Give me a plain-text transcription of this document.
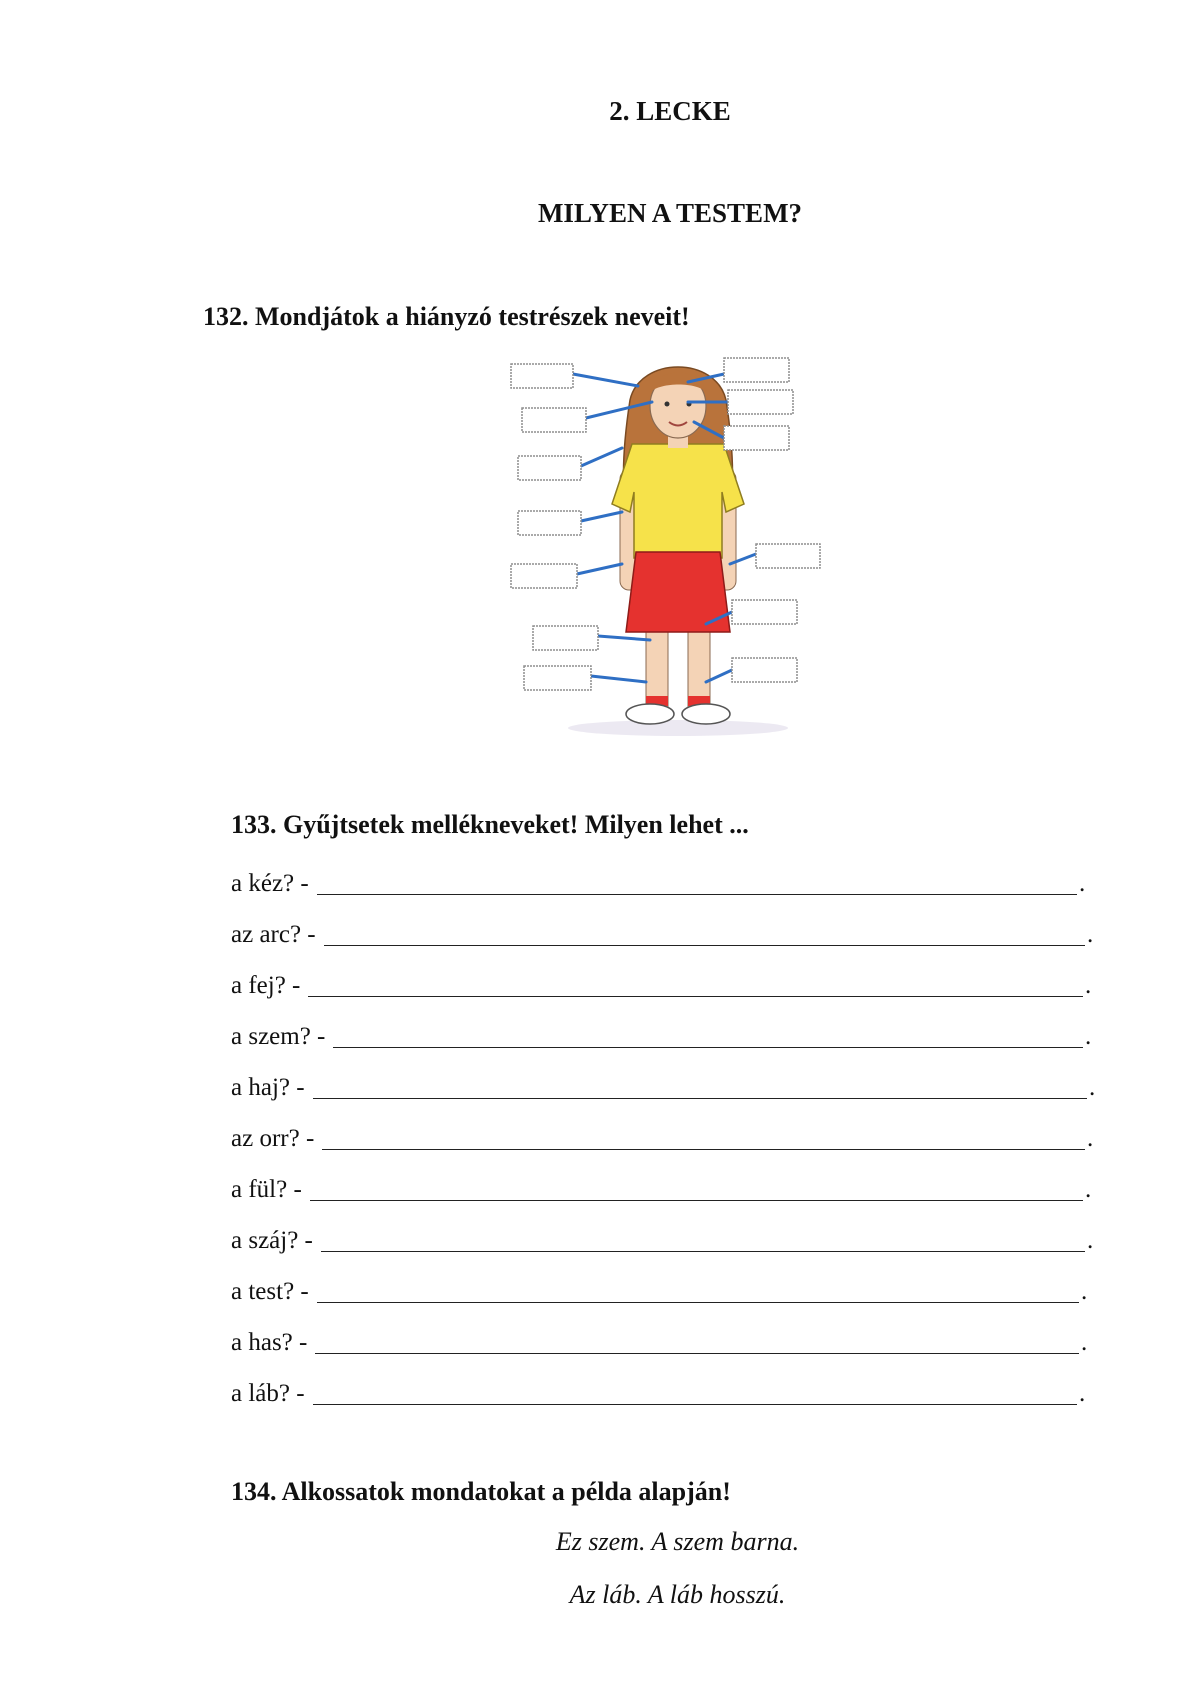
2. LECKE
MILYEN A TESTEM?

132. Mondjátok a hiányzó testrészek neveit!

133. Gyűjtsetek mellékneveket! Milyen lehet ...

a kéz? -	.
az arc? -	.
a fej? -	.
a szem? -	.
a haj? -	.
az orr? -	.
a fül? -	.
a száj? -	.
a test? -	.
a has? -	.
a láb? -	.

134. Alkossatok mondatokat a példa alapján!

Ez szem. A szem barna.

Az láb. A láb hosszú.
